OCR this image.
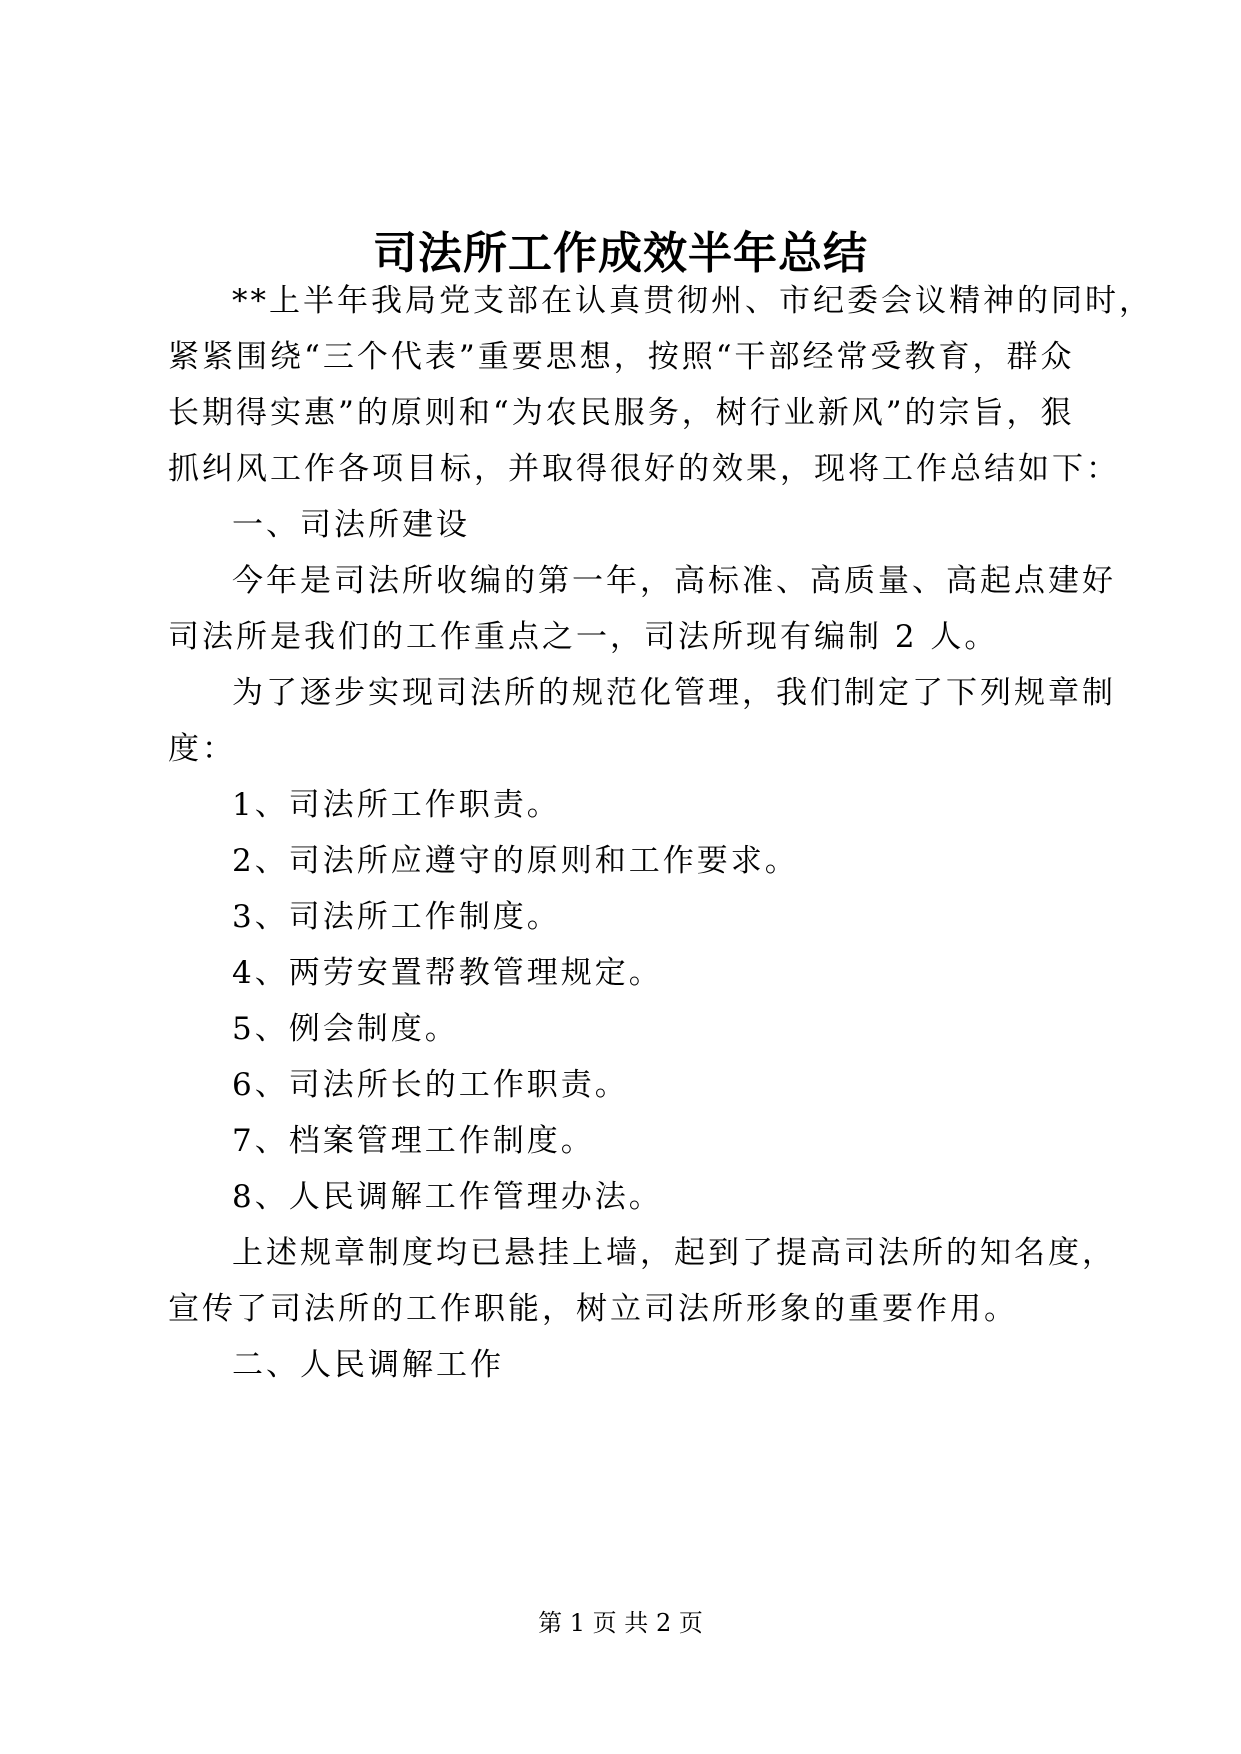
司法所工作成效半年总结
**上半年我局党支部在认真贯彻州、市纪委会议精神的同时，
紧紧围绕“三个代表”重要思想，按照“干部经常受教育，群众
长期得实惠”的原则和“为农民服务，树行业新风”的宗旨，狠
抓纠风工作各项目标，并取得很好的效果，现将工作总结如下：
一、司法所建设
今年是司法所收编的第一年，高标准、高质量、高起点建好
司法所是我们的工作重点之一，司法所现有编制 2 人。
为了逐步实现司法所的规范化管理，我们制定了下列规章制
度：
1、司法所工作职责。
2、司法所应遵守的原则和工作要求。
3、司法所工作制度。
4、两劳安置帮教管理规定。
5、例会制度。
6、司法所长的工作职责。
7、档案管理工作制度。
8、人民调解工作管理办法。
上述规章制度均已悬挂上墙，起到了提高司法所的知名度，
宣传了司法所的工作职能，树立司法所形象的重要作用。
二、人民调解工作
第 1 页 共 2 页
